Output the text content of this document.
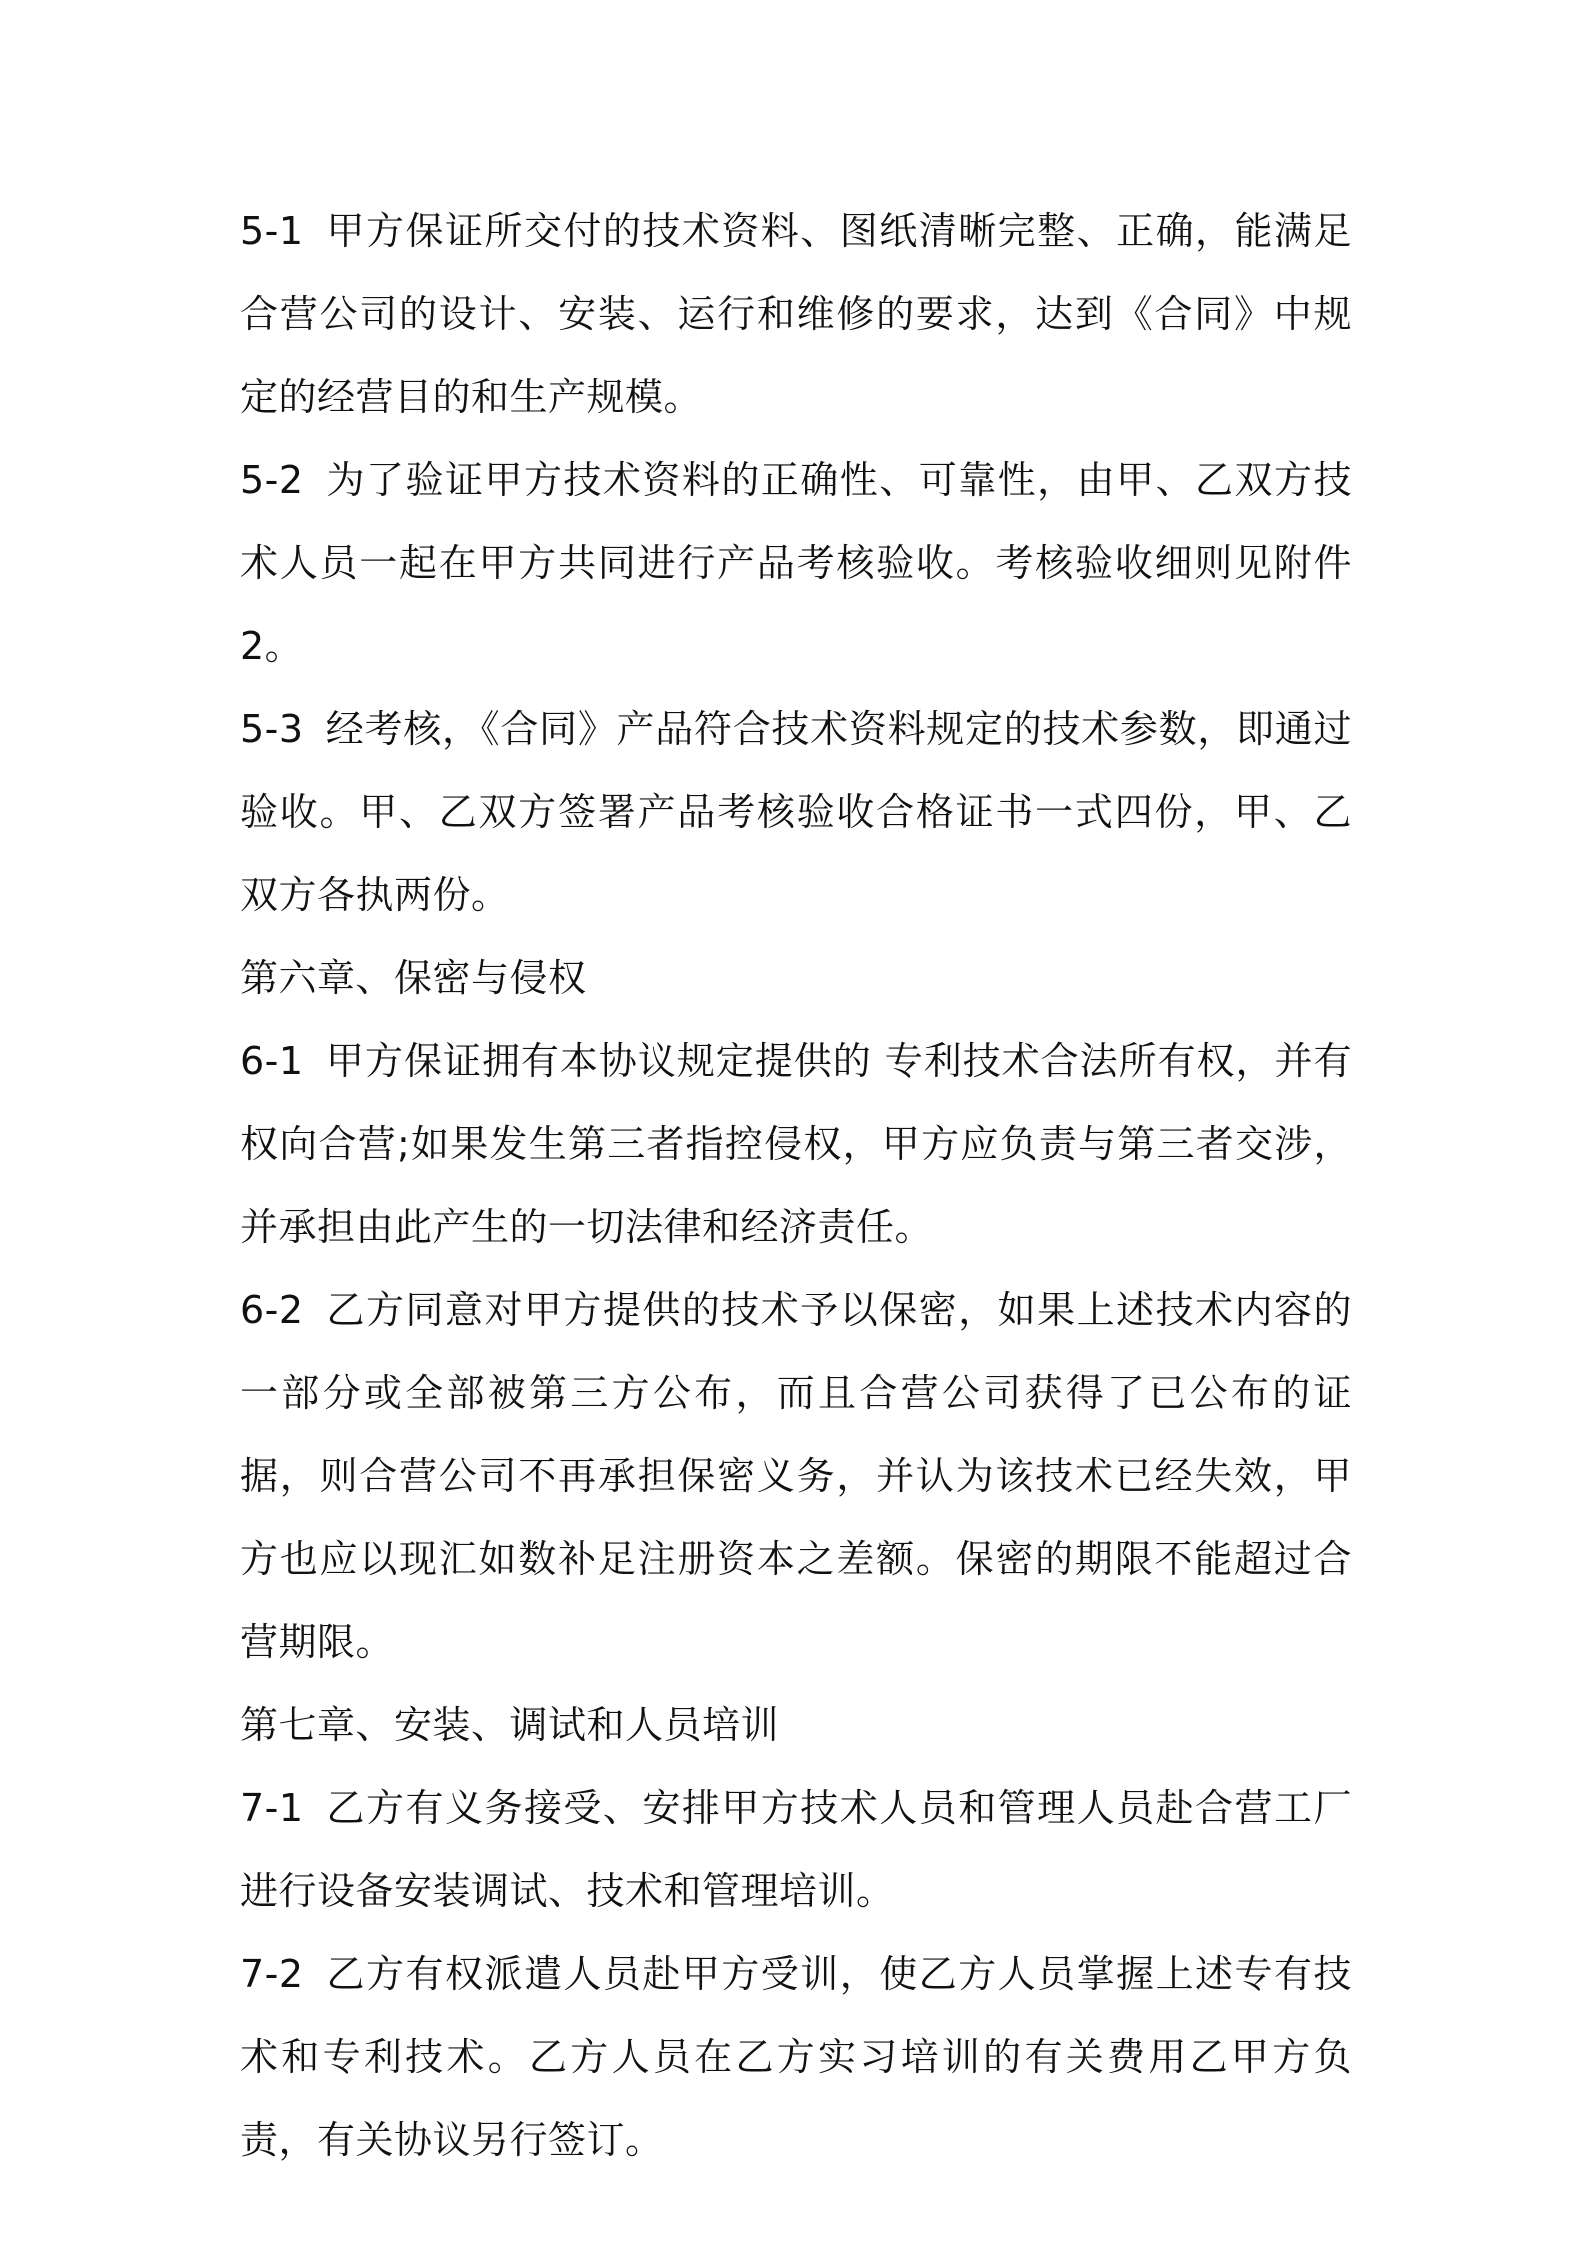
5-1 甲方保证所交付的技术资料、图纸清晰完整、正确，能满足合营公司的设计、安装、运行和维修的要求，达到《合同》中规定的经营目的和生产规模。

5-2 为了验证甲方技术资料的正确性、可靠性，由甲、乙双方技术人员一起在甲方共同进行产品考核验收。考核验收细则见附件 2。

5-3 经考核，《合同》产品符合技术资料规定的技术参数，即通过验收。甲、乙双方签署产品考核验收合格证书一式四份，甲、乙双方各执两份。

第六章、保密与侵权

6-1 甲方保证拥有本协议规定提供的 专利技术合法所有权，并有权向合营;如果发生第三者指控侵权，甲方应负责与第三者交涉，并承担由此产生的一切法律和经济责任。

6-2 乙方同意对甲方提供的技术予以保密，如果上述技术内容的一部分或全部被第三方公布，而且合营公司获得了已公布的证据，则合营公司不再承担保密义务，并认为该技术已经失效，甲方也应以现汇如数补足注册资本之差额。保密的期限不能超过合营期限。

第七章、安装、调试和人员培训

7-1 乙方有义务接受、安排甲方技术人员和管理人员赴合营工厂进行设备安装调试、技术和管理培训。

7-2 乙方有权派遣人员赴甲方受训，使乙方人员掌握上述专有技术和专利技术。乙方人员在乙方实习培训的有关费用乙甲方负责，有关协议另行签订。
